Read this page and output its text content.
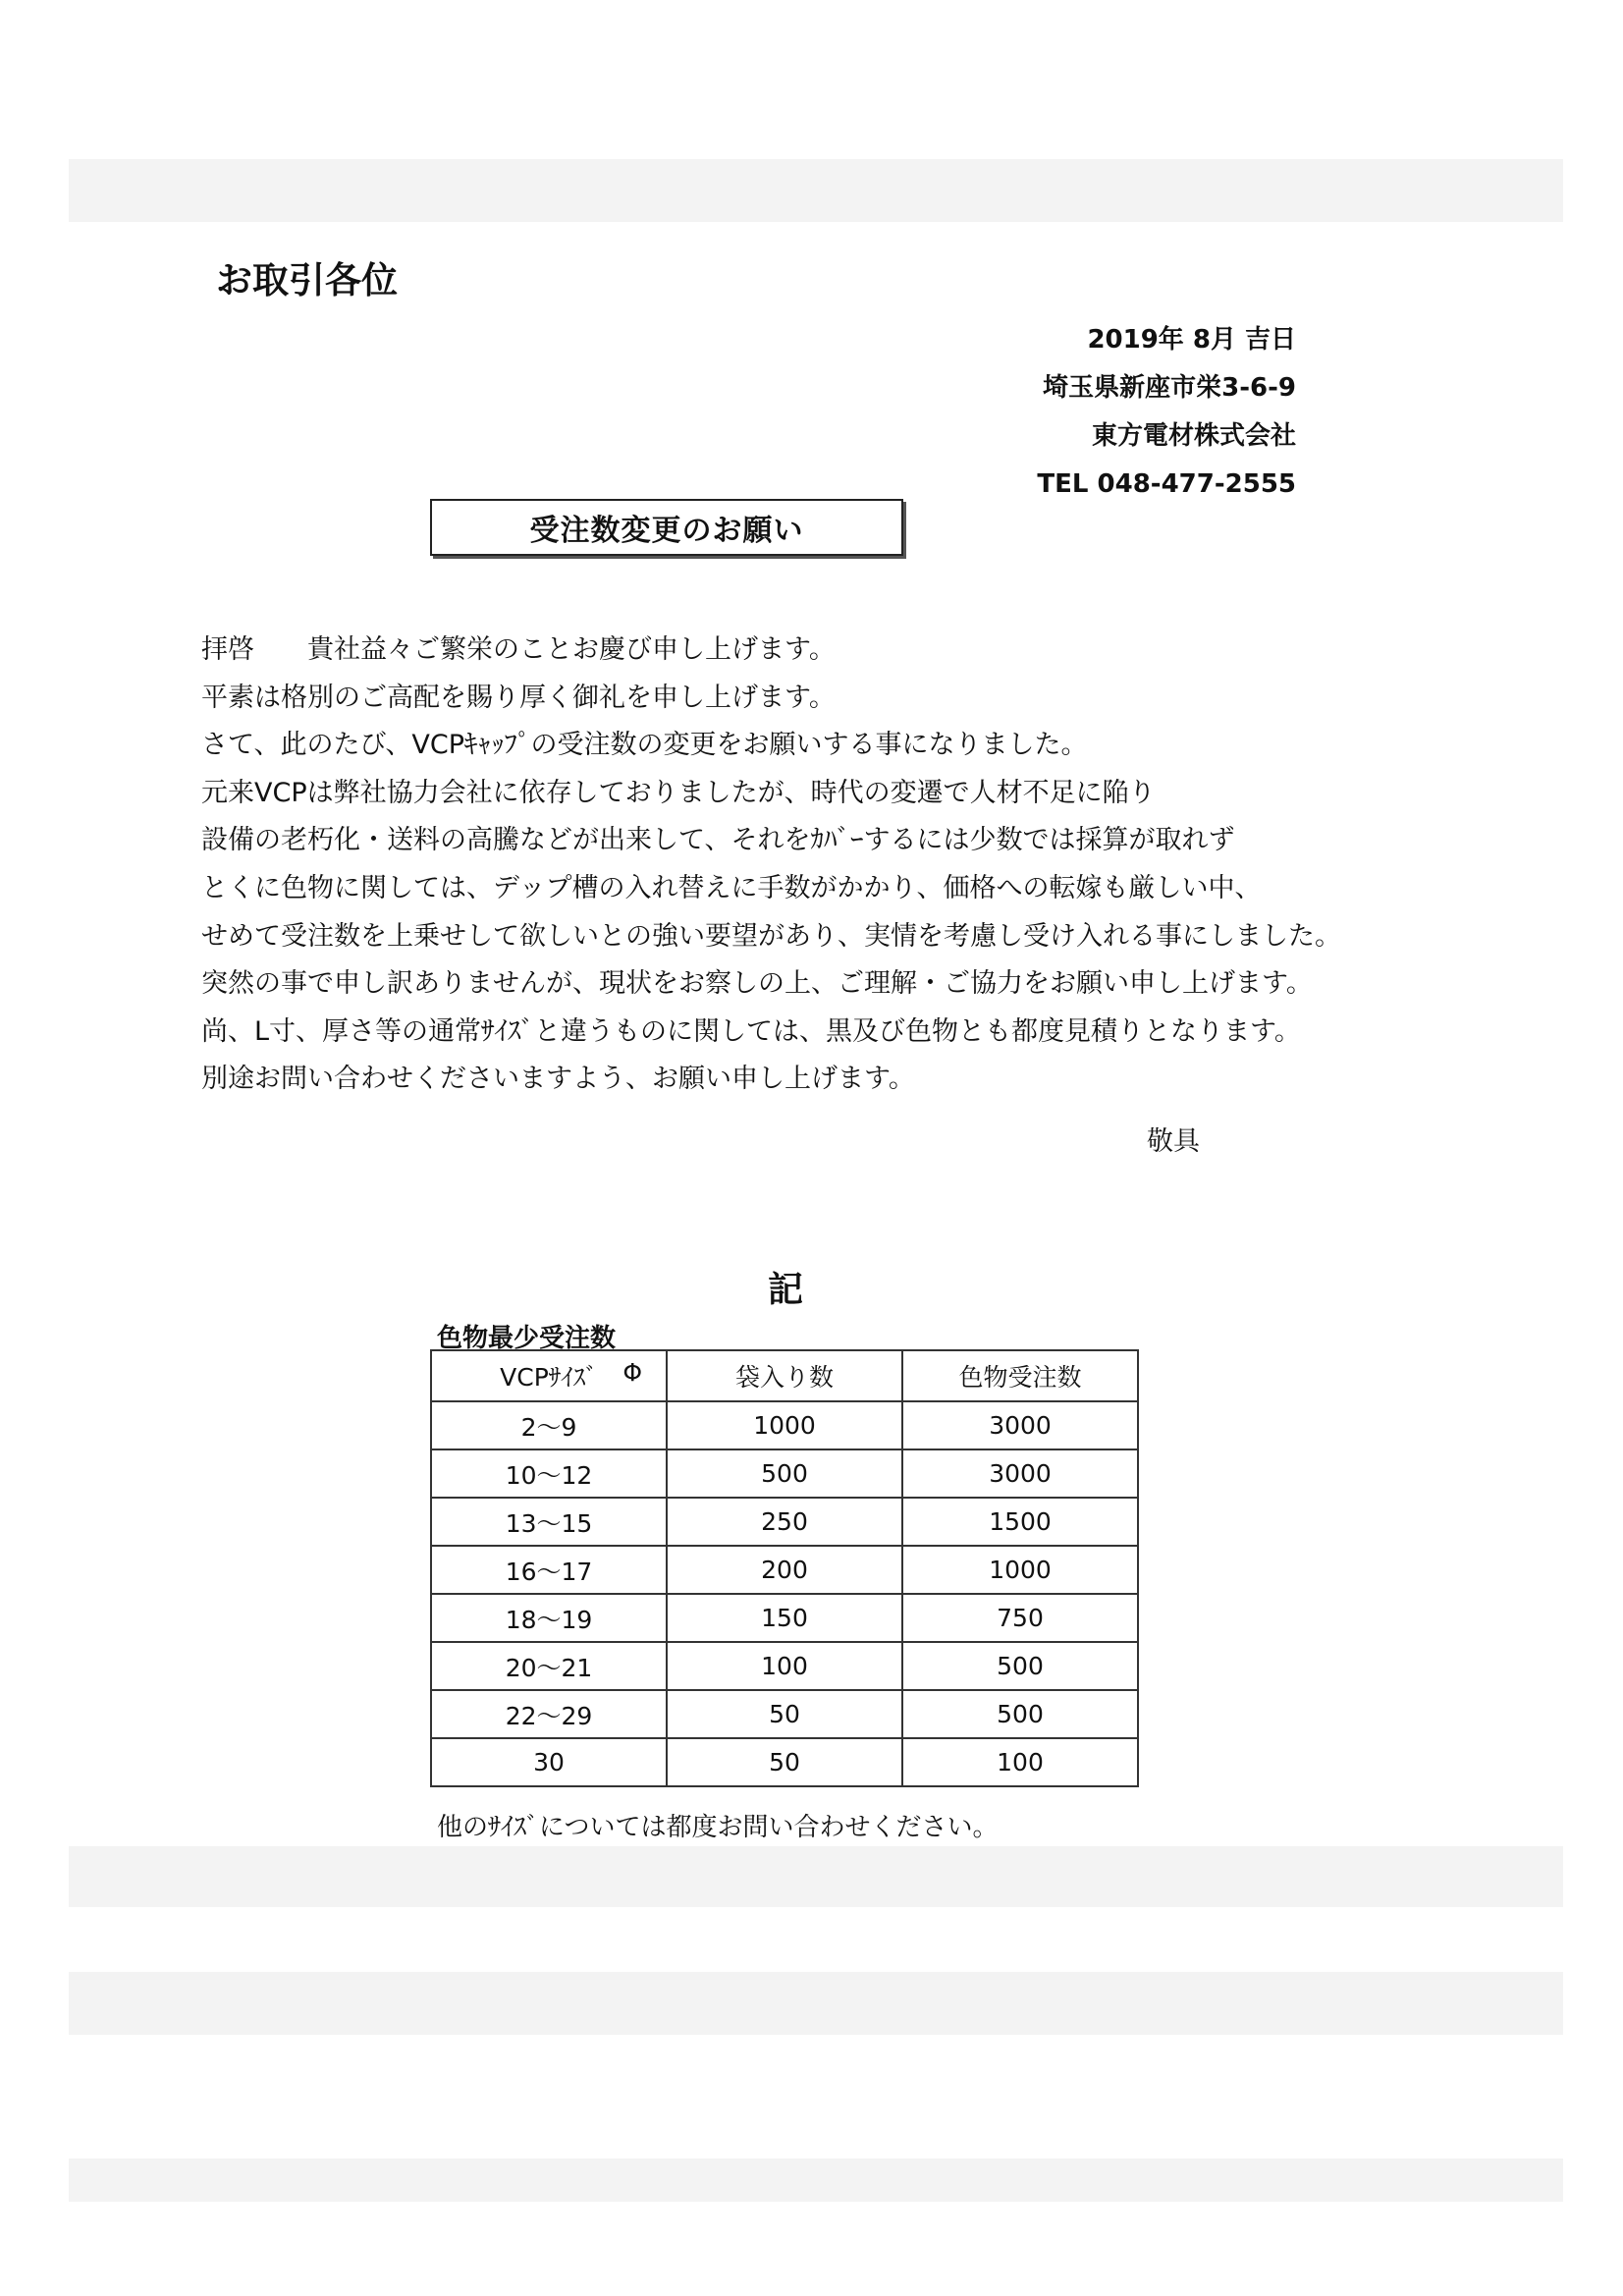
お取引各位
2019年 8月 吉日
埼玉県新座市栄3-6-9
東方電材株式会社
TEL 048-477-2555
受注数変更のお願い
拝啓　　貴社益々ご繁栄のことお慶び申し上げます。
平素は格別のご高配を賜り厚く御礼を申し上げます。
さて、此のたび、VCPｷｬｯﾌﾟの受注数の変更をお願いする事になりました。
元来VCPは弊社協力会社に依存しておりましたが、時代の変遷で人材不足に陥り
設備の老朽化・送料の高騰などが出来して、それをｶﾊﾞｰするには少数では採算が取れず
とくに色物に関しては、デップ槽の入れ替えに手数がかかり、価格への転嫁も厳しい中、
せめて受注数を上乗せして欲しいとの強い要望があり、実情を考慮し受け入れる事にしました。
突然の事で申し訳ありませんが、現状をお察しの上、ご理解・ご協力をお願い申し上げます。
尚、L寸、厚さ等の通常ｻｲｽﾞと違うものに関しては、黒及び色物とも都度見積りとなります。
別途お問い合わせくださいますよう、お願い申し上げます。
敬具
記
色物最少受注数
VCPｻｲｽﾞ Φ	袋入り数	色物受注数
2～9	1000	3000
10～12	500	3000
13～15	250	1500
16～17	200	1000
18～19	150	750
20～21	100	500
22～29	50	500
30	50	100
他のｻｲｽﾞについては都度お問い合わせください。
